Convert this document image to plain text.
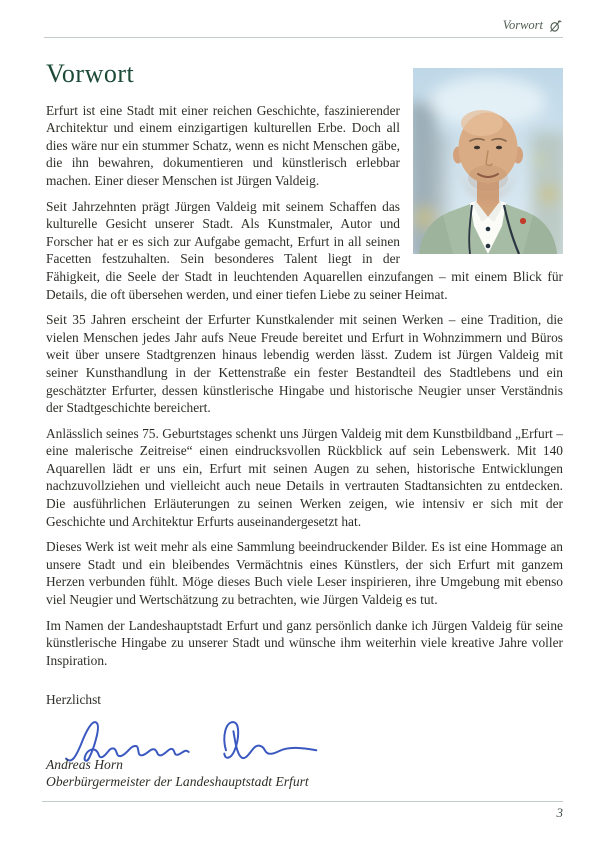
Vorwort
Vorwort

Erfurt ist eine Stadt mit einer reichen Geschichte, faszinierender Architektur und einem einzigartigen kulturellen Erbe. Doch all dies wäre nur ein stummer Schatz, wenn es nicht Menschen gäbe, die ihn bewahren, dokumentieren und künstlerisch erlebbar machen. Einer dieser Menschen ist Jürgen Valdeig.

Seit Jahrzehnten prägt Jürgen Valdeig mit seinem Schaffen das kulturelle Gesicht unserer Stadt. Als Kunstmaler, Autor und Forscher hat er es sich zur Aufgabe gemacht, Erfurt in all seinen Facetten festzuhalten. Sein besonderes Talent liegt in der Fähigkeit, die Seele der Stadt in leuchtenden Aquarellen einzufangen – mit einem Blick für Details, die oft übersehen werden, und einer tiefen Liebe zu seiner Heimat.

Seit 35 Jahren erscheint der Erfurter Kunstkalender mit seinen Werken – eine Tradition, die vielen Menschen jedes Jahr aufs Neue Freude bereitet und Erfurt in Wohnzimmern und Büros weit über unsere Stadtgrenzen hinaus lebendig werden lässt. Zudem ist Jürgen Valdeig mit seiner Kunsthandlung in der Kettenstraße ein fester Bestandteil des Stadtlebens und ein geschätzter Erfurter, dessen künstlerische Hingabe und historische Neugier unser Verständnis der Stadtgeschichte bereichert.

Anlässlich seines 75. Geburtstages schenkt uns Jürgen Valdeig mit dem Kunstbildband „Erfurt – eine malerische Zeitreise“ einen eindrucksvollen Rückblick auf sein Lebenswerk. Mit 140 Aquarellen lädt er uns ein, Erfurt mit seinen Augen zu sehen, historische Entwicklungen nachzuvollziehen und vielleicht auch neue Details in vertrauten Stadtansichten zu entdecken. Die ausführlichen Erläuterungen zu seinen Werken zeigen, wie intensiv er sich mit der Geschichte und Architektur Erfurts auseinandergesetzt hat.

Dieses Werk ist weit mehr als eine Sammlung beeindruckender Bilder. Es ist eine Hommage an unsere Stadt und ein bleibendes Vermächtnis eines Künstlers, der sich Erfurt mit ganzem Herzen verbunden fühlt. Möge dieses Buch viele Leser inspirieren, ihre Umgebung mit ebenso viel Neugier und Wertschätzung zu betrachten, wie Jürgen Valdeig es tut.

Im Namen der Landeshauptstadt Erfurt und ganz persönlich danke ich Jürgen Valdeig für seine künstlerische Hingabe zu unserer Stadt und wünsche ihm weiterhin viele kreative Jahre voller Inspiration.

Herzlichst

Andreas Horn

Oberbürgermeister der Landeshauptstadt Erfurt

3
